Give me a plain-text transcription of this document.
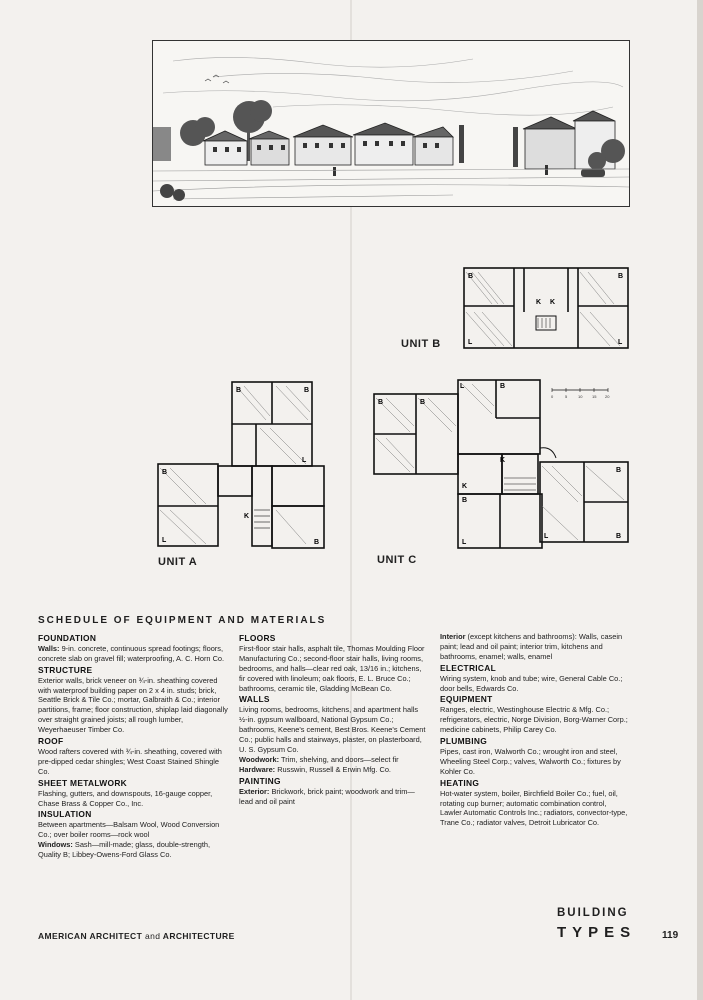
B	B
L	L
K K
UNIT B
0	5	10 15 20
B	B
B
L
L
B
K
UNIT A
B	B
L	B
K
K
B
L
L	B
B
UNIT C
SCHEDULE OF EQUIPMENT AND MATERIALS
FOUNDATION

Walls: 9-in. concrete, continuous spread footings; floors, concrete slab on gravel fill; waterproofing, A. C. Horn Co.

STRUCTURE

Exterior walls, brick veneer on ¾-in. sheathing covered with waterproof building paper on 2 x 4 in. studs; brick, Seattle Brick & Tile Co.; mortar, Galbraith & Co.; interior partitions, frame; floor construction, shiplap laid diagonally over straight grained joists; all rough lumber, Weyerhaeuser Timber Co.

ROOF

Wood rafters covered with ¾-in. sheathing, covered with pre-dipped cedar shingles; West Coast Stained Shingle Co.

SHEET METALWORK

Flashing, gutters, and downspouts, 16-gauge copper, Chase Brass & Copper Co., Inc.

INSULATION

Between apartments—Balsam Wool, Wood Conversion Co.; over boiler rooms—rock wool

Windows: Sash—mill-made; glass, double-strength, Quality B; Libbey-Owens-Ford Glass Co.

FLOORS

First-floor stair halls, asphalt tile, Thomas Moulding Floor Manufacturing Co.; second-floor stair halls, living rooms, bedrooms, and halls—clear red oak, 13/16 in.; kitchens, fir covered with linoleum; oak floors, E. L. Bruce Co.; bathrooms, ceramic tile, Gladding McBean Co.

WALLS

Living rooms, bedrooms, kitchens, and apartment halls ½-in. gypsum wallboard, National Gypsum Co.; bathrooms, Keene's cement, Best Bros. Keene's Cement Co.; public halls and stairways, plaster, on plasterboard, U. S. Gypsum Co.

Woodwork: Trim, shelving, and doors—select fir

Hardware: Russwin, Russell & Erwin Mfg. Co.

PAINTING

Exterior: Brickwork, brick paint; woodwork and trim—lead and oil paint

Interior (except kitchens and bathrooms): Walls, casein paint; lead and oil paint; interior trim, kitchens and bathrooms, enamel; walls, enamel

ELECTRICAL

Wiring system, knob and tube; wire, General Cable Co.; door bells, Edwards Co.

EQUIPMENT

Ranges, electric, Westinghouse Electric & Mfg. Co.; refrigerators, electric, Norge Division, Borg-Warner Corp.; medicine cabinets, Philip Carey Co.

PLUMBING

Pipes, cast iron, Walworth Co.; wrought iron and steel, Wheeling Steel Corp.; valves, Walworth Co.; fixtures by Kohler Co.

HEATING

Hot-water system, boiler, Birchfield Boiler Co.; fuel, oil, rotating cup burner; automatic combination control, Lawler Automatic Controls Inc.; radiators, convector-type, Trane Co.; radiator valves, Detroit Lubricator Co.

AMERICAN ARCHITECT and ARCHITECTURE
BUILDING
TYPES	119
